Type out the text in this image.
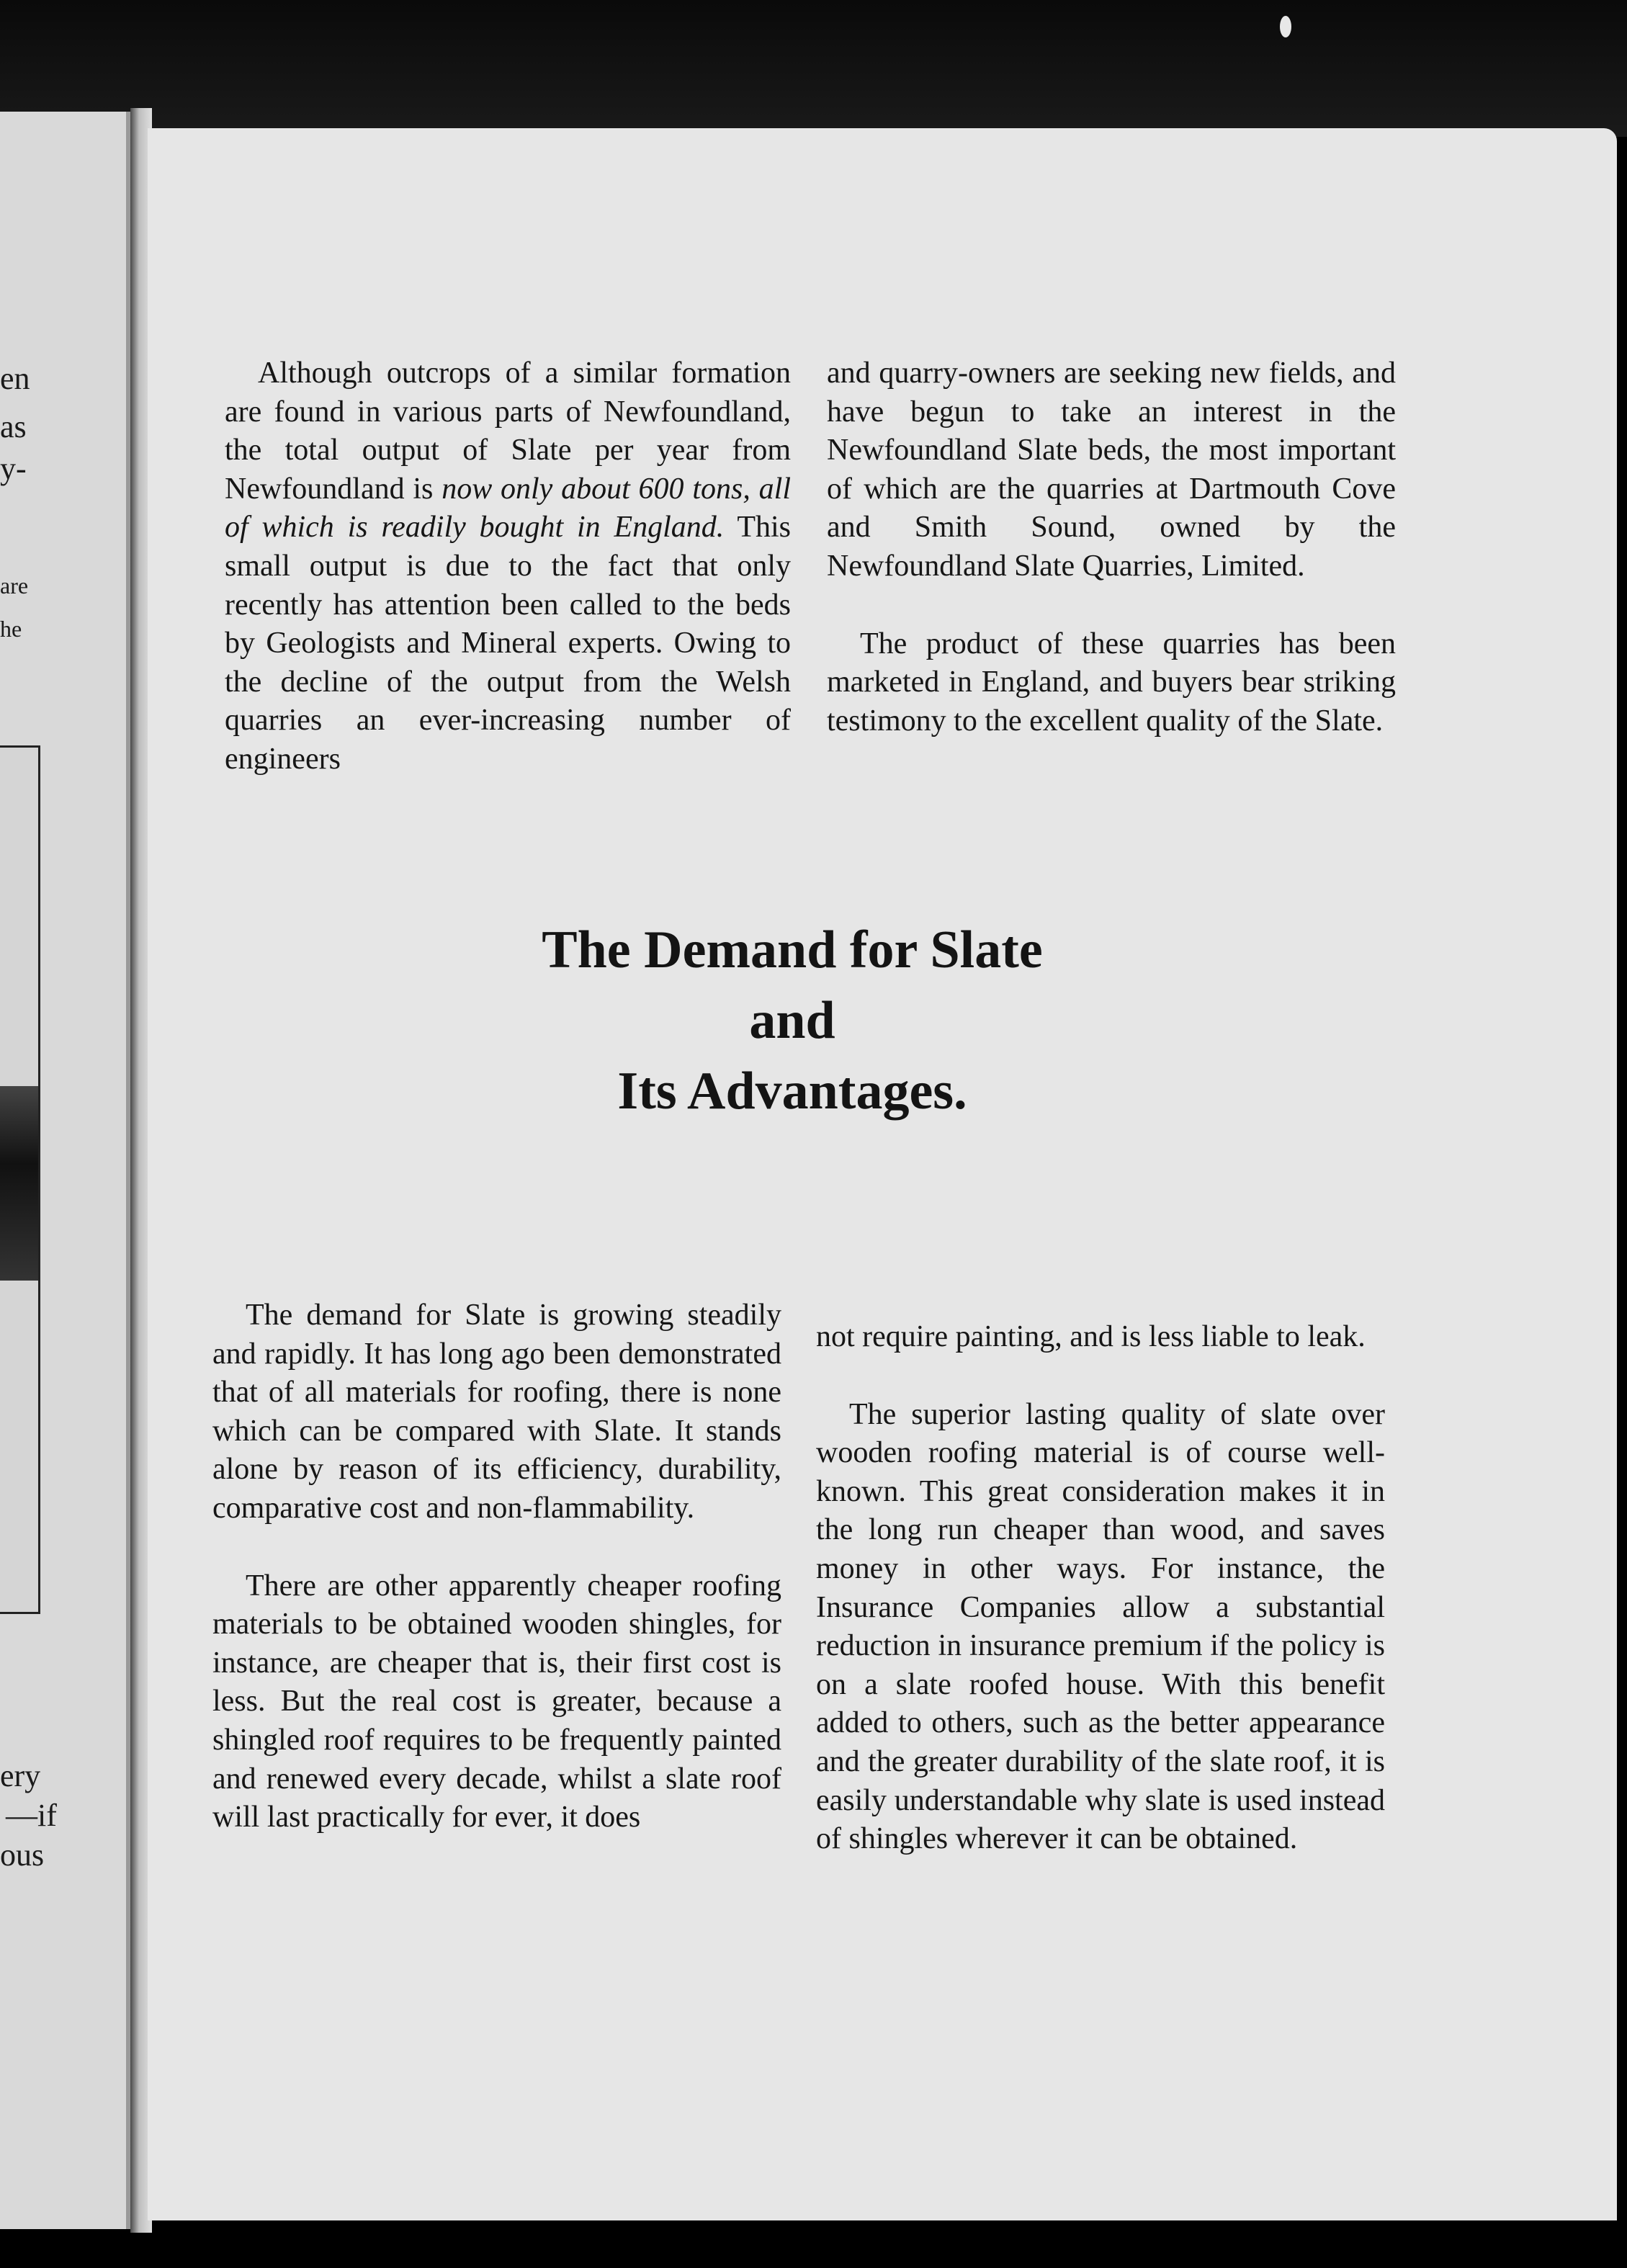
en
as
y-
are
he
ery
—if
ous

Although outcrops of a similar formation are found in various parts of Newfoundland, the total output of Slate per year from Newfoundland is now only about 600 tons, all of which is readily bought in England. This small output is due to the fact that only recently has attention been called to the beds by Geologists and Mineral experts. Owing to the decline of the output from the Welsh quarries an ever-increasing number of engineers

and quarry-owners are seeking new fields, and have begun to take an interest in the Newfoundland Slate beds, the most important of which are the quarries at Dartmouth Cove and Smith Sound, owned by the Newfoundland Slate Quarries, Limited.

The product of these quarries has been marketed in England, and buyers bear striking testimony to the excellent quality of the Slate.

The Demand for Slate
and
Its Advantages.

The demand for Slate is growing steadily and rapidly. It has long ago been demonstrated that of all materials for roofing, there is none which can be compared with Slate. It stands alone by reason of its efficiency, durability, comparative cost and non-flammability.

There are other apparently cheaper roofing materials to be obtained wooden shingles, for instance, are cheaper that is, their first cost is less. But the real cost is greater, because a shingled roof requires to be frequently painted and renewed every decade, whilst a slate roof will last practically for ever, it does

not require painting, and is less liable to leak.

The superior lasting quality of slate over wooden roofing material is of course well-known. This great consideration makes it in the long run cheaper than wood, and saves money in other ways. For instance, the Insurance Companies allow a substantial reduction in insurance premium if the policy is on a slate roofed house. With this benefit added to others, such as the better appearance and the greater durability of the slate roof, it is easily understandable why slate is used instead of shingles wherever it can be obtained.
